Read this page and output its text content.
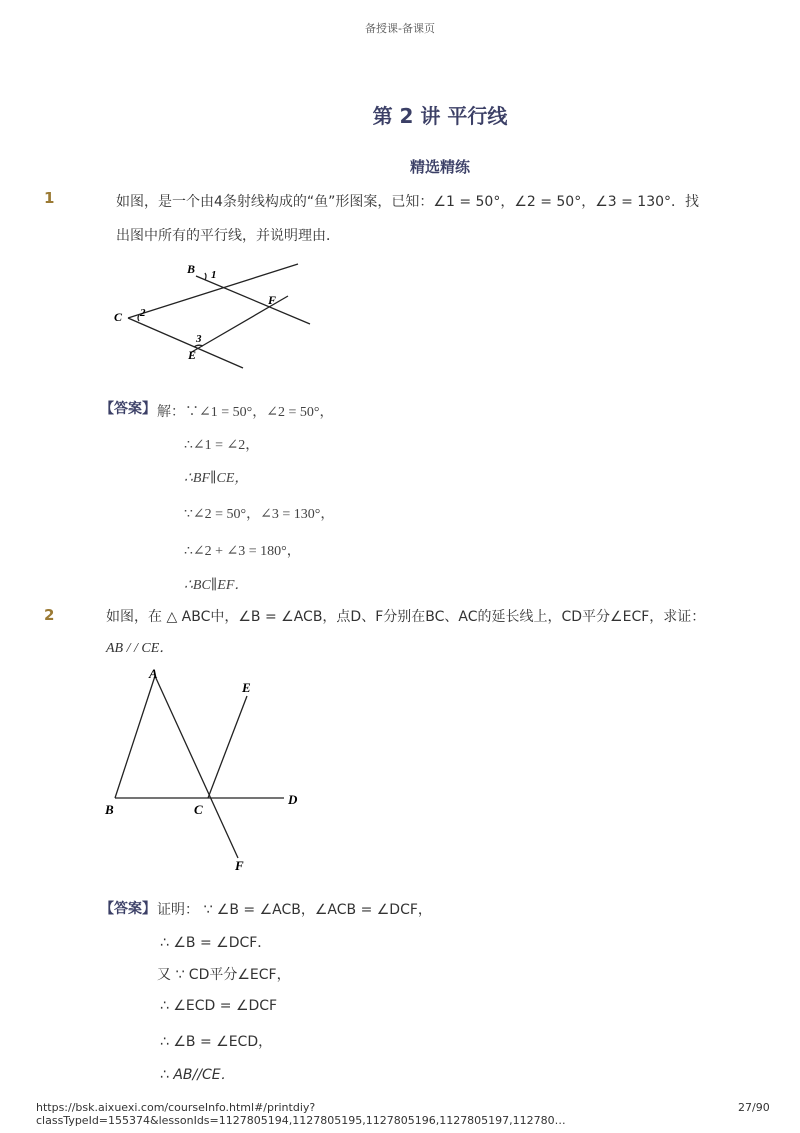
备授课-备课页
第 2 讲 平行线
精选精练
1	如图，是一个由4条射线构成的“鱼”形图案，已知：∠1 = 50°，∠2 = 50°，∠3 = 130°．找
出图中所有的平行线，并说明理由．
B 1
F
C 2
3
E
【答案】 解：∵∠1 = 50°，∠2 = 50°，
∴∠1 = ∠2，
∴BF∥CE，
∵∠2 = 50°，∠3 = 130°，
∴∠2 + ∠3 = 180°，
∴BC∥EF．
2	如图，在 △ ABC中，∠B = ∠ACB，点D、F分别在BC、AC的延长线上，CD平分∠ECF，求证：
AB / / CE．
A
E
B	C
D
F
【答案】 证明： ∵ ∠B = ∠ACB，∠ACB = ∠DCF，
∴ ∠B = ∠DCF．
又 ∵ CD平分∠ECF，
∴ ∠ECD = ∠DCF
∴ ∠B = ∠ECD，
∴ AB//CE．
https://bsk.aixuexi.com/courseInfo.html#/printdiy?classTypeId=155374&lessonIds=1127805194,1127805195,1127805196,1127805197,112780…
27/90
